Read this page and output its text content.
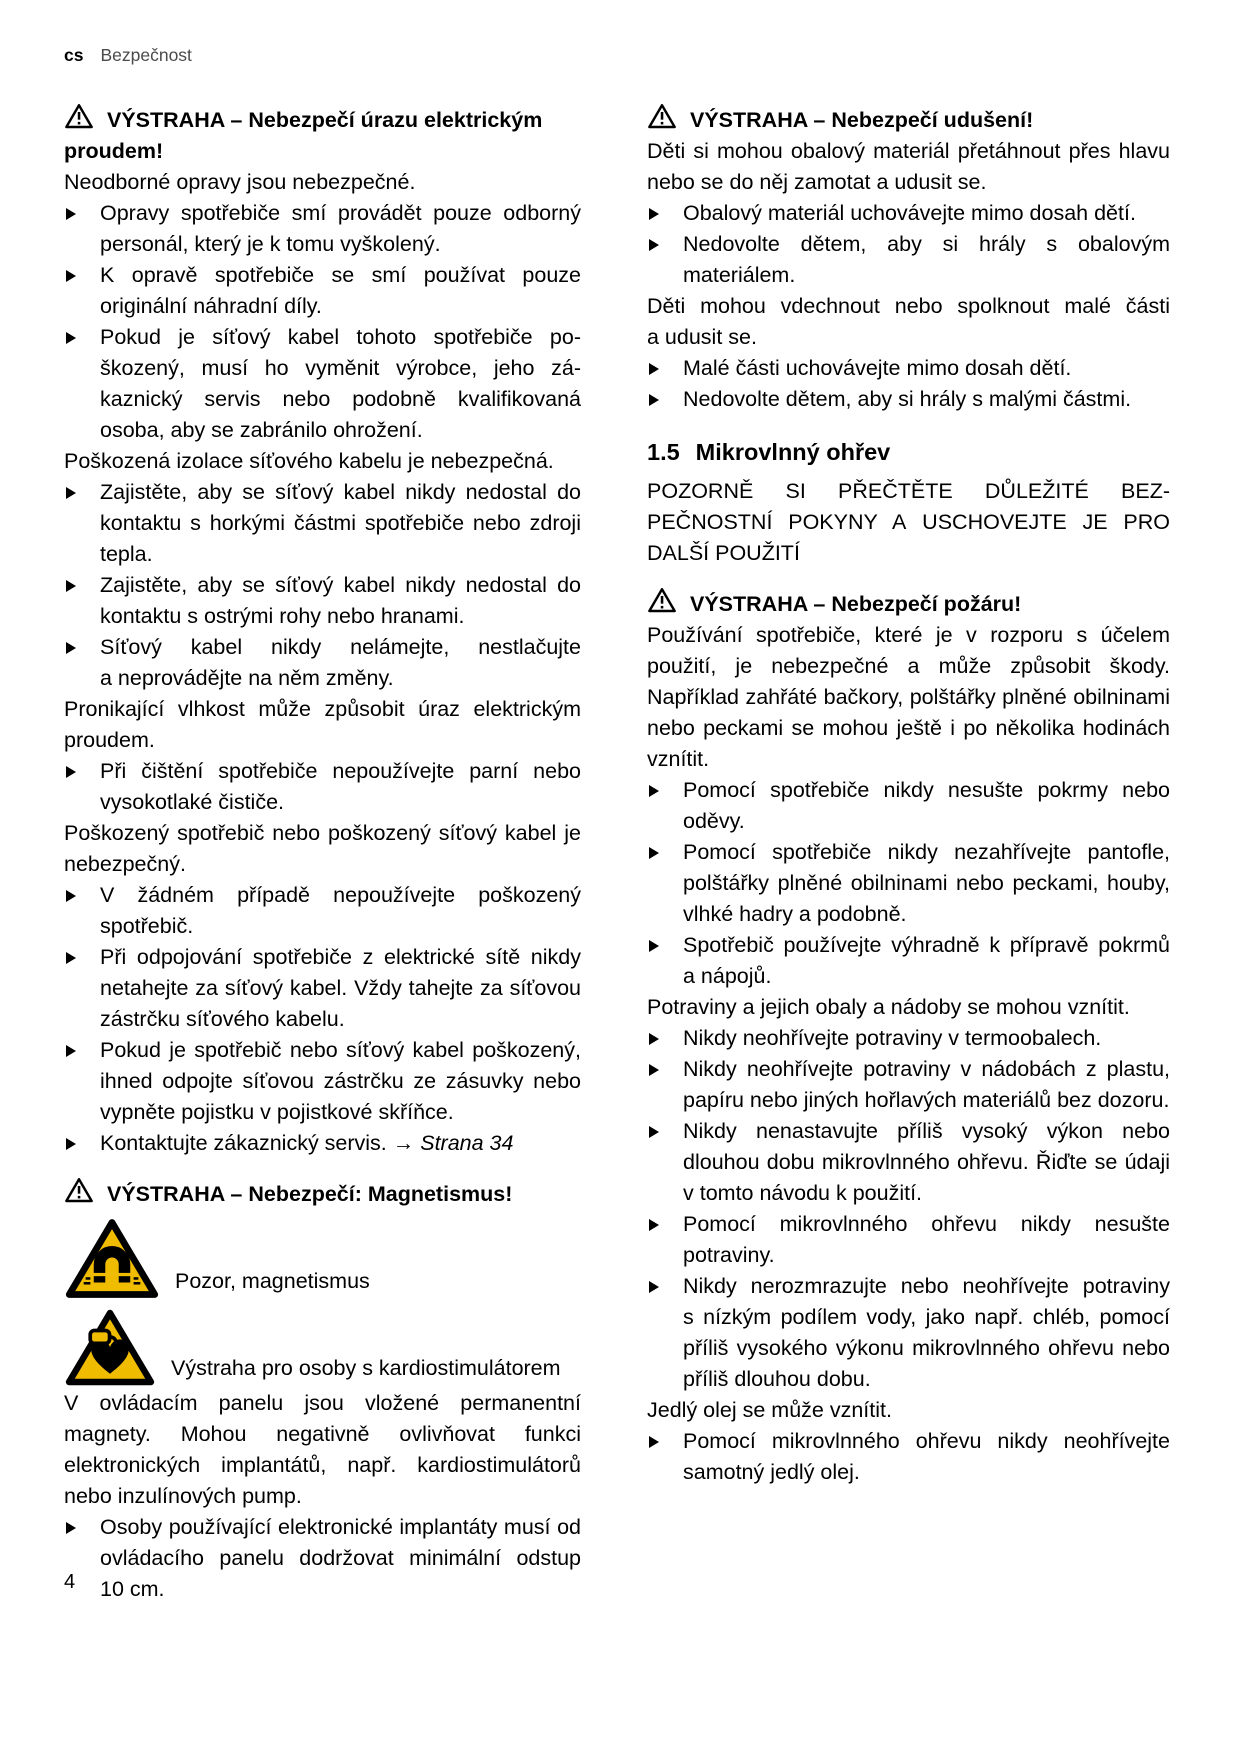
cs Bezpečnost
VÝSTRAHA – Nebezpečí úrazu elektrickým proudem!

Neodborné opravy jsou nebezpečné.

Opravy spotřebiče smí provádět pouze odborný personál, který je k tomu vyškolený.
K opravě spotřebiče se smí používat pouze originální náhradní díly.
Pokud je síťový kabel tohoto spotřebiče poškozený, musí ho vyměnit výrobce, jeho zákaznický servis nebo podobně kvalifikovaná osoba, aby se zabránilo ohrožení.

Poškozená izolace síťového kabelu je nebezpečná.

Zajistěte, aby se síťový kabel nikdy nedostal do kontaktu s horkými částmi spotřebiče nebo zdroji tepla.
Zajistěte, aby se síťový kabel nikdy nedostal do kontaktu s ostrými rohy nebo hranami.
Síťový kabel nikdy nelámejte, nestlačujte a neprovádějte na něm změny.

Pronikající vlhkost může způsobit úraz elektrickým proudem.

Při čištění spotřebiče nepoužívejte parní nebo vysokotlaké čističe.

Poškozený spotřebič nebo poškozený síťový kabel je nebezpečný.

V žádném případě nepoužívejte poškozený spotřebič.
Při odpojování spotřebiče z elektrické sítě nikdy netahejte za síťový kabel. Vždy tahejte za síťovou zástrčku síťového kabelu.
Pokud je spotřebič nebo síťový kabel poškozený, ihned odpojte síťovou zástrčku ze zásuvky nebo vypněte pojistku v pojistkové skříňce.
Kontaktujte zákaznický servis. → Strana 34
VÝSTRAHA – Nebezpečí: Magnetismus!
Pozor, magnetismus
Výstraha pro osoby s kardiostimulátorem

V ovládacím panelu jsou vložené permanentní magnety. Mohou negativně ovlivňovat funkci elektronických implantátů, např. kardiostimulátorů nebo inzulínových pump.

Osoby používající elektronické implantáty musí od ovládacího panelu dodržovat minimální odstup 10 cm.
VÝSTRAHA – Nebezpečí udušení!

Děti si mohou obalový materiál přetáhnout přes hlavu nebo se do něj zamotat a udusit se.

Obalový materiál uchovávejte mimo dosah dětí.
Nedovolte dětem, aby si hrály s obalovým materiálem.

Děti mohou vdechnout nebo spolknout malé části a udusit se.

Malé části uchovávejte mimo dosah dětí.
Nedovolte dětem, aby si hrály s malými částmi.
1.5 Mikrovlnný ohřev

POZORNĚ SI PŘEČTĚTE DŮLEŽITÉ BEZPEČNOSTNÍ POKYNY A USCHOVEJTE JE PRO DALŠÍ POUŽITÍ

VÝSTRAHA – Nebezpečí požáru!

Používání spotřebiče, které je v rozporu s účelem použití, je nebezpečné a může způsobit škody. Například zahřáté bačkory, polštářky plněné obilninami nebo peckami se mohou ještě i po několika hodinách vznítit.

Pomocí spotřebiče nikdy nesušte pokrmy nebo oděvy.
Pomocí spotřebiče nikdy nezahřívejte pantofle, polštářky plněné obilninami nebo peckami, houby, vlhké hadry a podobně.
Spotřebič používejte výhradně k přípravě pokrmů a nápojů.

Potraviny a jejich obaly a nádoby se mohou vznítit.

Nikdy neohřívejte potraviny v termoobalech.
Nikdy neohřívejte potraviny v nádobách z plastu, papíru nebo jiných hořlavých materiálů bez dozoru.
Nikdy nenastavujte příliš vysoký výkon nebo dlouhou dobu mikrovlnného ohřevu. Řiďte se údaji v tomto návodu k použití.
Pomocí mikrovlnného ohřevu nikdy nesušte potraviny.
Nikdy nerozmrazujte nebo neohřívejte potraviny s nízkým podílem vody, jako např. chléb, pomocí příliš vysokého výkonu mikrovlnného ohřevu nebo příliš dlouhou dobu.

Jedlý olej se může vznítit.

Pomocí mikrovlnného ohřevu nikdy neohřívejte samotný jedlý olej.
4
